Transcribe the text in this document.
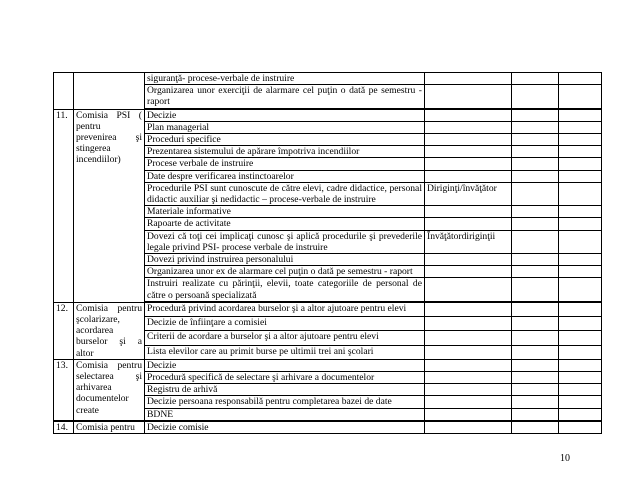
		siguranţă- procese-verbale de instruire			
		Organizarea unor exerciţii de alarmare cel puţin o dată pe semestru - raport			

11.	Comisia PSI ( pentru prevenirea şi stingerea incendiilor)	Decizie			
		Plan managerial			
		Proceduri specifice			
		Prezentarea sistemului de apărare împotriva incendiilor			
		Procese verbale de instruire			
		Date despre verificarea instinctoarelor			
		Procedurile PSI sunt cunoscute de către elevi, cadre didactice, personal didactic auxiliar şi nedidactic – procese-verbale de instruire	Diriginţi/învăţător		
		Materiale informative			
		Rapoarte de activitate			
		Dovezi că toţi cei implicaţi cunosc şi aplică procedurile şi prevederile legale privind PSI- procese verbale de instruire	Învăţătordiriginţii		
		Dovezi privind instruirea personalului			
		Organizarea unor ex de alarmare cel puţin o dată pe semestru - raport			
		Instruiri realizate cu părinţii, elevii, toate categoriile de personal de către o persoană specializată			

12.	Comisia pentru şcolarizare, acordarea burselor şi a altor	Procedură privind acordarea burselor şi a altor ajutoare pentru elevi			
		Decizie de înfiinţare a comisiei			
		Criterii de acordare a burselor şi a altor ajutoare pentru elevi			
		Lista elevilor care au primit burse pe ultimii trei ani şcolari			
13.	Comisia pentru selectarea şi arhivarea documentelor create	Decizie			
		Procedură specifică de selectare şi arhivare a documentelor			
		Registru de arhivă			
		Decizie persoana responsabilă pentru completarea bazei de date			
		BDNE			

14.	Comisia pentru	Decizie comisie			
10
